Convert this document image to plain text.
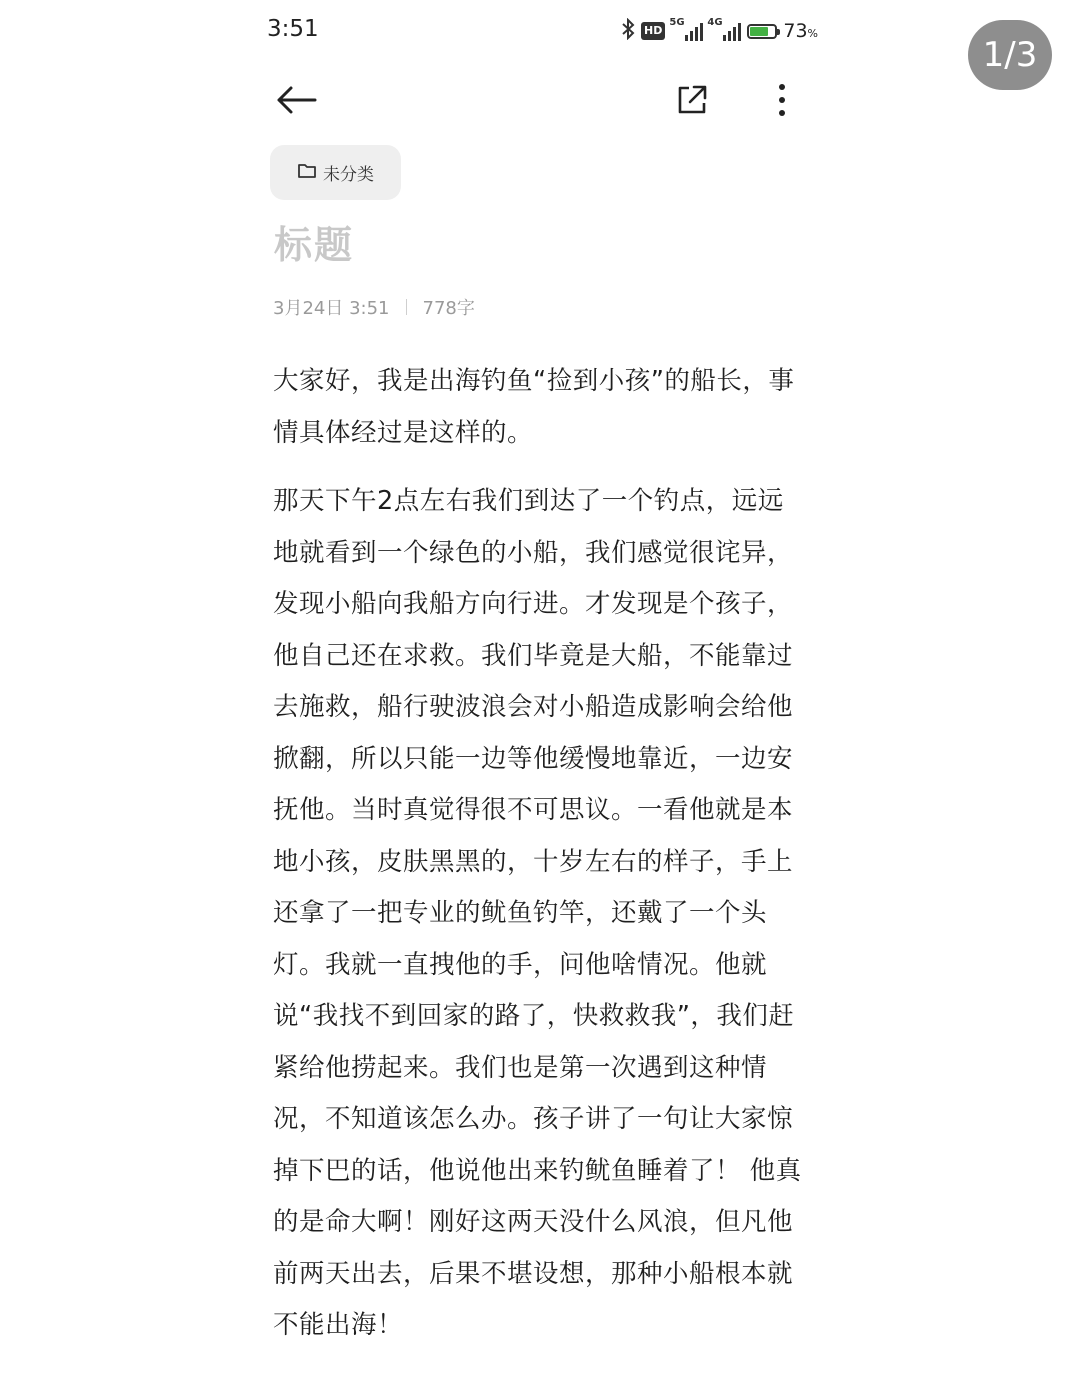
3:51	HD
5G 4G	73%
未分类
标题
3月24日 3:51 778字

大家好，我是出海钓鱼“捡到小孩”的船长，事情具体经过是这样的。

那天下午2点左右我们到达了一个钓点，远远地就看到一个绿色的小船，我们感觉很诧异，发现小船向我船方向行进。才发现是个孩子，他自己还在求救。我们毕竟是大船，不能靠过去施救，船行驶波浪会对小船造成影响会给他掀翻，所以只能一边等他缓慢地靠近，一边安抚他。当时真觉得很不可思议。一看他就是本地小孩，皮肤黑黑的，十岁左右的样子，手上还拿了一把专业的鱿鱼钓竿，还戴了一个头灯。我就一直拽他的手，问他啥情况。他就说“我找不到回家的路了，快救救我”，我们赶紧给他捞起来。我们也是第一次遇到这种情况，不知道该怎么办。孩子讲了一句让大家惊掉下巴的话，他说他出来钓鱿鱼睡着了！ 他真的是命大啊！刚好这两天没什么风浪，但凡他前两天出去，后果不堪设想，那种小船根本就不能出海！

1/3
